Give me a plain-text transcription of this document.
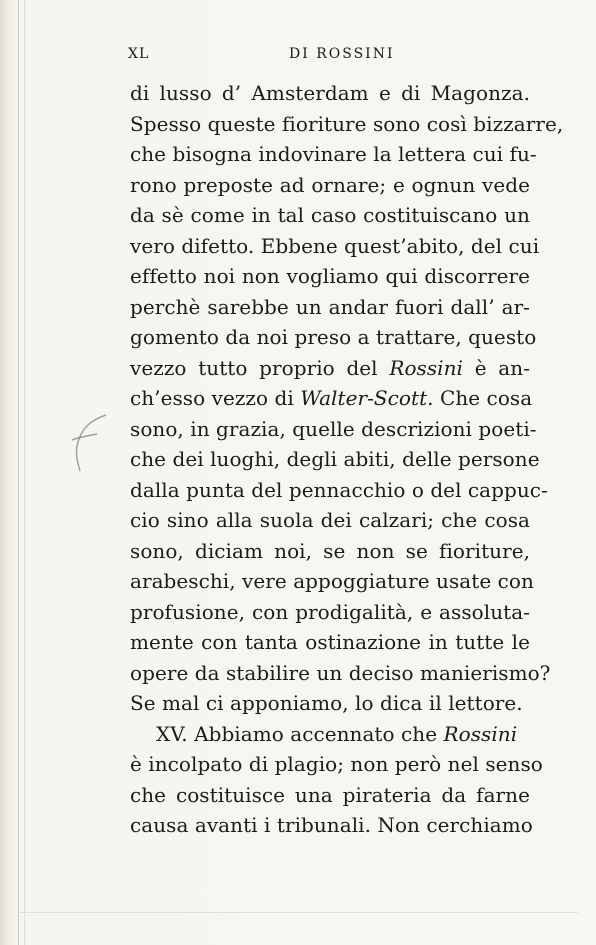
XL	DI ROSSINI
di lusso d’ Amsterdam e di Magonza.
Spesso queste fioriture sono così bizzarre,
che bisogna indovinare la lettera cui fu-
rono preposte ad ornare; e ognun vede
da sè come in tal caso costituiscano un
vero difetto. Ebbene quest’abito, del cui
effetto noi non vogliamo qui discorrere
perchè sarebbe un andar fuori dall’ ar-
gomento da noi preso a trattare, questo
vezzo tutto proprio del Rossini è an-
ch’esso vezzo di Walter-Scott. Che cosa
sono, in grazia, quelle descrizioni poeti-
che dei luoghi, degli abiti, delle persone
dalla punta del pennacchio o del cappuc-
cio sino alla suola dei calzari; che cosa
sono, diciam noi, se non se fioriture,
arabeschi, vere appoggiature usate con
profusione, con prodigalità, e assoluta-
mente con tanta ostinazione in tutte le
opere da stabilire un deciso manierismo?
Se mal ci apponiamo, lo dica il lettore.
XV. Abbiamo accennato che Rossini
è incolpato di plagio; non però nel senso
che costituisce una pirateria da farne
causa avanti i tribunali. Non cerchiamo
